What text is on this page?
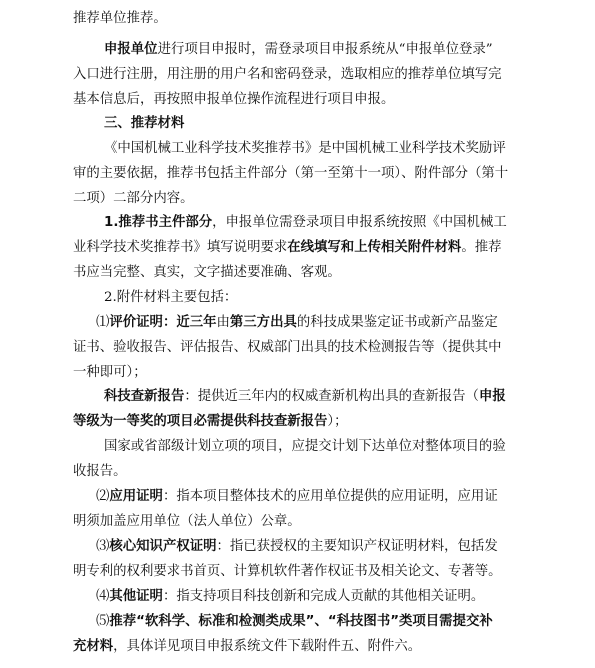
推荐单位推荐。
申报单位进行项目申报时，需登录项目申报系统从“申报单位登录”
入口进行注册，用注册的用户名和密码登录，选取相应的推荐单位填写完
基本信息后，再按照申报单位操作流程进行项目申报。
三、推荐材料
《中国机械工业科学技术奖推荐书》是中国机械工业科学技术奖励评
审的主要依据，推荐书包括主件部分（第一至第十一项）、附件部分（第十
二项）二部分内容。
1.推荐书主件部分，申报单位需登录项目申报系统按照《中国机械工
业科学技术奖推荐书》填写说明要求在线填写和上传相关附件材料。推荐
书应当完整、真实，文字描述要准确、客观。
2.附件材料主要包括：
⑴评价证明：近三年由第三方出具的科技成果鉴定证书或新产品鉴定
证书、验收报告、评估报告、权威部门出具的技术检测报告等（提供其中
一种即可）；
科技查新报告：提供近三年内的权威查新机构出具的查新报告（申报
等级为一等奖的项目必需提供科技查新报告）；
国家或省部级计划立项的项目，应提交计划下达单位对整体项目的验
收报告。
⑵应用证明：指本项目整体技术的应用单位提供的应用证明，应用证
明须加盖应用单位（法人单位）公章。
⑶核心知识产权证明：指已获授权的主要知识产权证明材料，包括发
明专利的权利要求书首页、计算机软件著作权证书及相关论文、专著等。
⑷其他证明：指支持项目科技创新和完成人贡献的其他相关证明。
⑸推荐“软科学、标准和检测类成果”、“科技图书”类项目需提交补
充材料，具体详见项目申报系统文件下载附件五、附件六。
